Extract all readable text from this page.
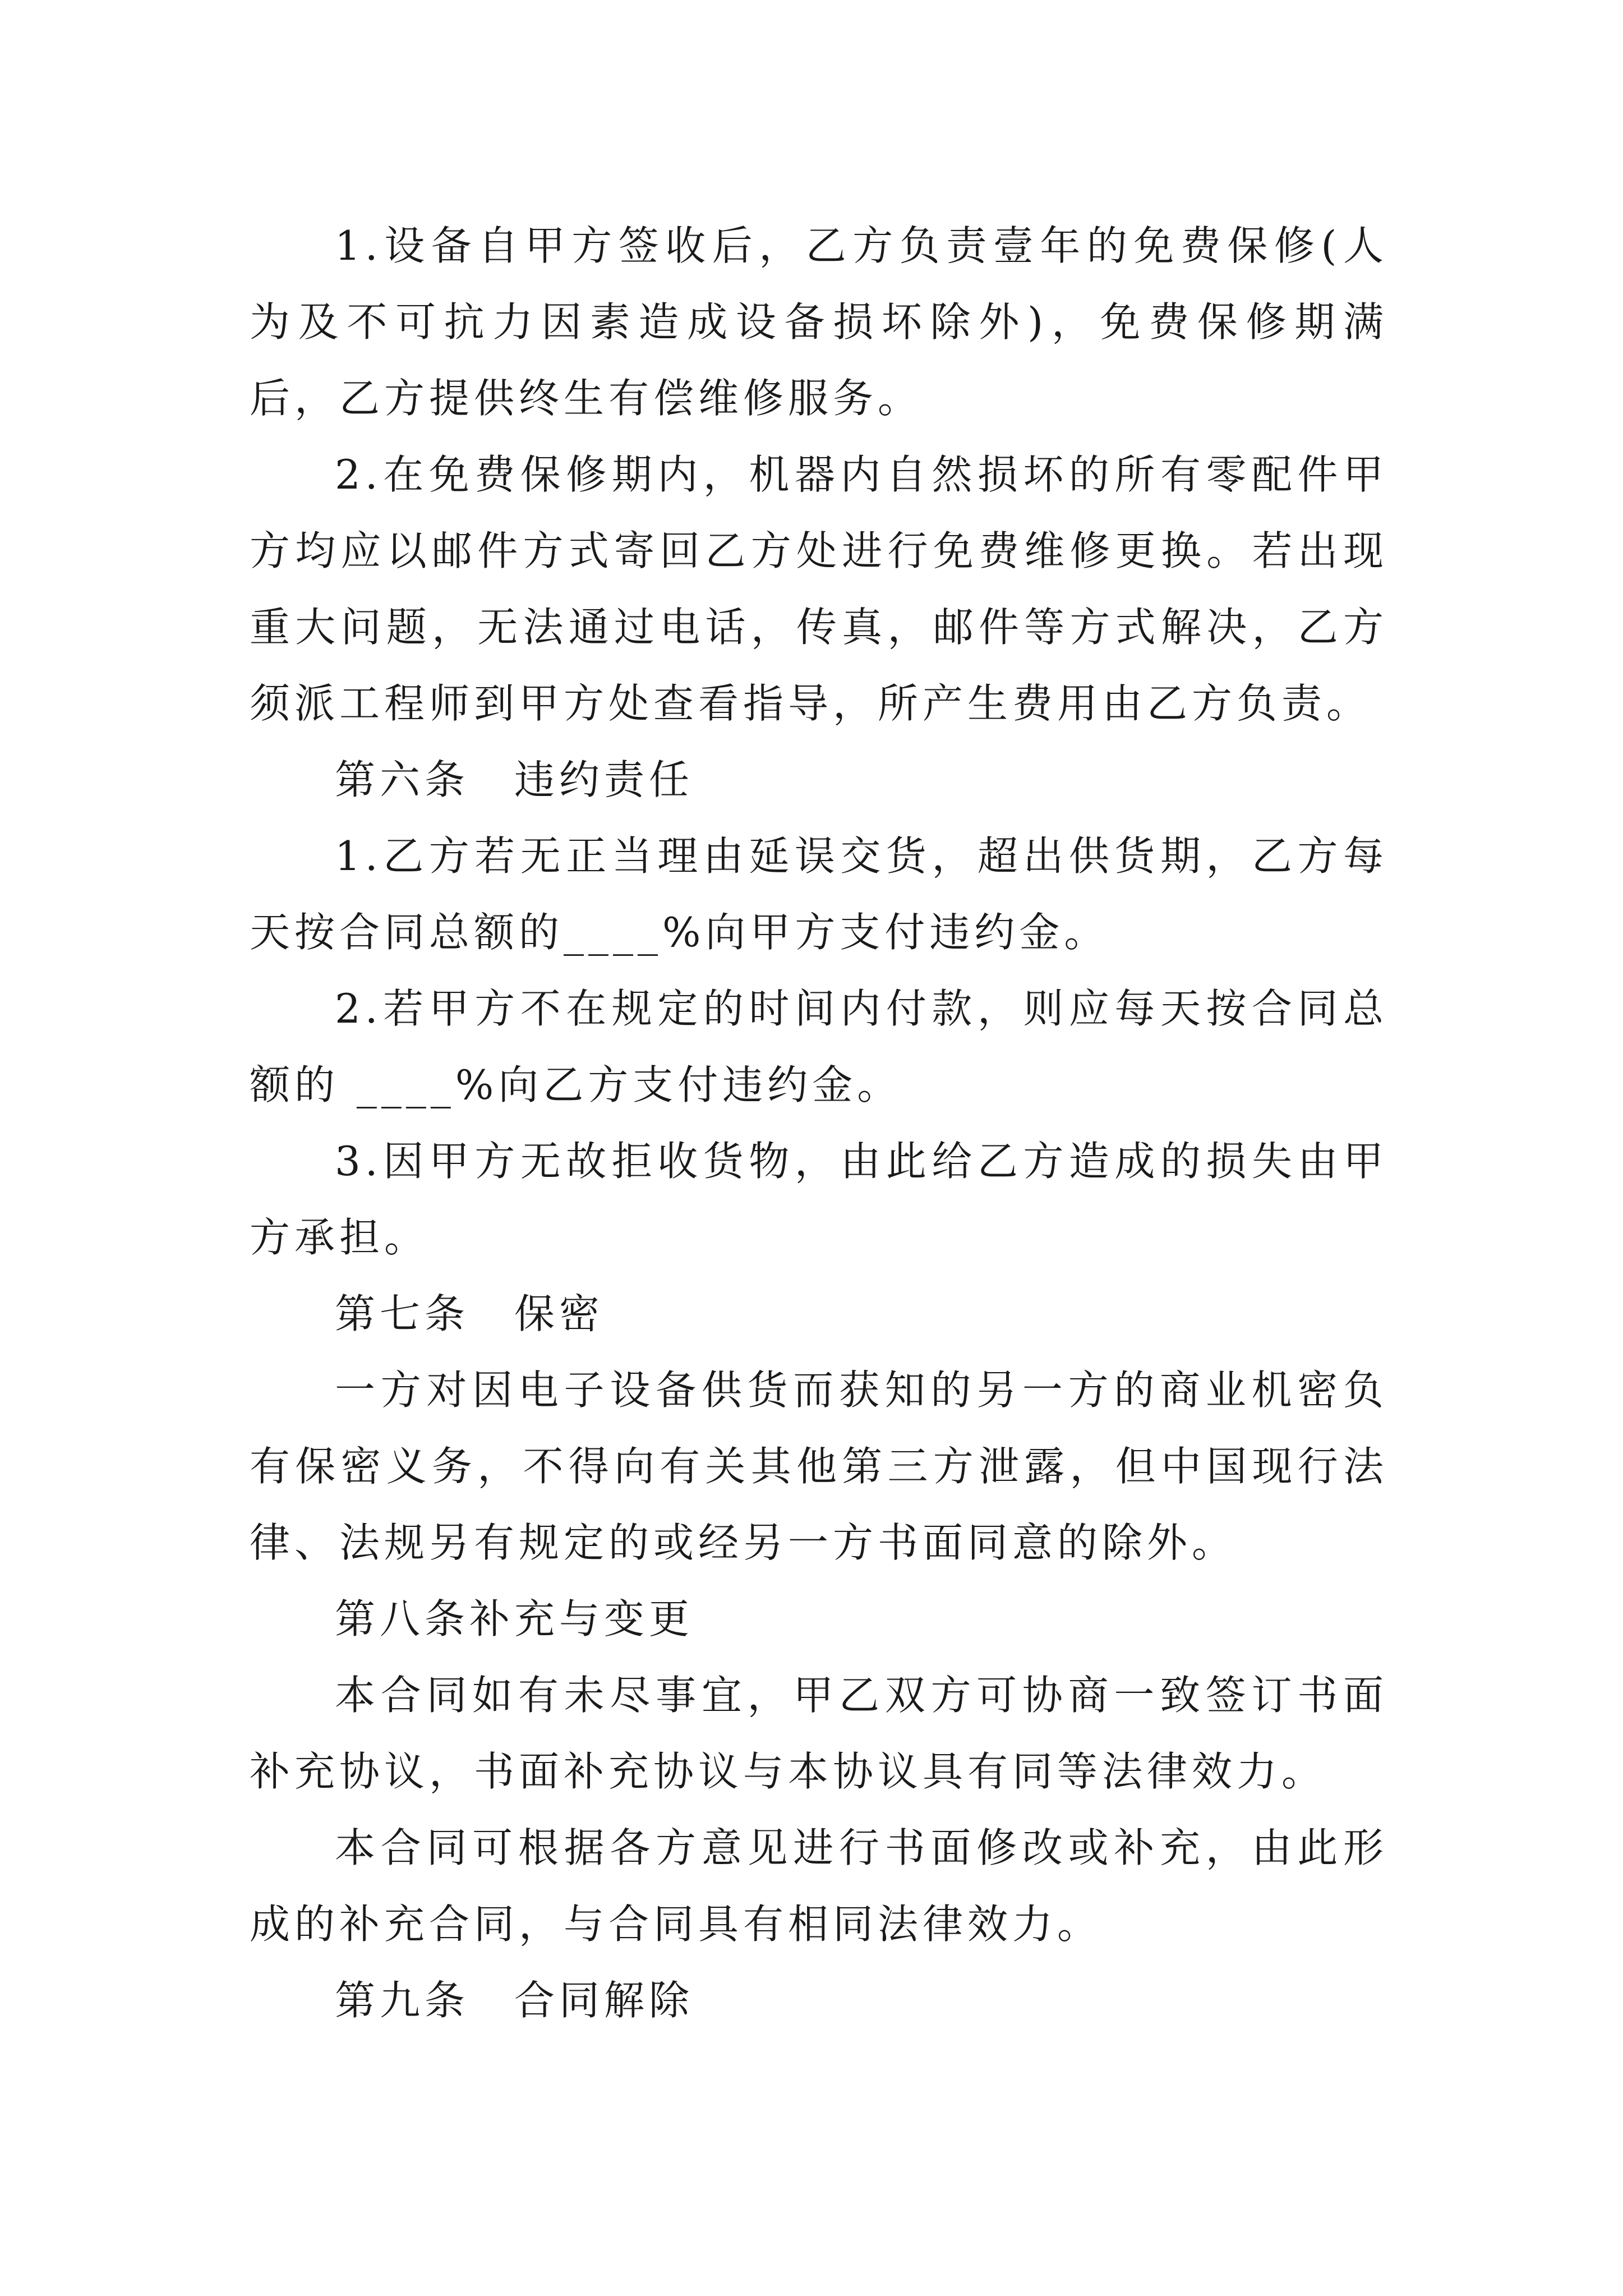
1.设备自甲方签收后，乙方负责壹年的免费保修(人为及不可抗力因素造成设备损坏除外)，免费保修期满后，乙方提供终生有偿维修服务。

2.在免费保修期内，机器内自然损坏的所有零配件甲方均应以邮件方式寄回乙方处进行免费维修更换。若出现重大问题，无法通过电话，传真，邮件等方式解决，乙方须派工程师到甲方处查看指导，所产生费用由乙方负责。

第六条　违约责任

1.乙方若无正当理由延误交货，超出供货期，乙方每天按合同总额的____%向甲方支付违约金。

2.若甲方不在规定的时间内付款，则应每天按合同总额的 ____%向乙方支付违约金。

3.因甲方无故拒收货物，由此给乙方造成的损失由甲方承担。

第七条　保密

一方对因电子设备供货而获知的另一方的商业机密负有保密义务，不得向有关其他第三方泄露，但中国现行法律、法规另有规定的或经另一方书面同意的除外。

第八条补充与变更

本合同如有未尽事宜，甲乙双方可协商一致签订书面补充协议，书面补充协议与本协议具有同等法律效力。

本合同可根据各方意见进行书面修改或补充，由此形成的补充合同，与合同具有相同法律效力。

第九条　合同解除
